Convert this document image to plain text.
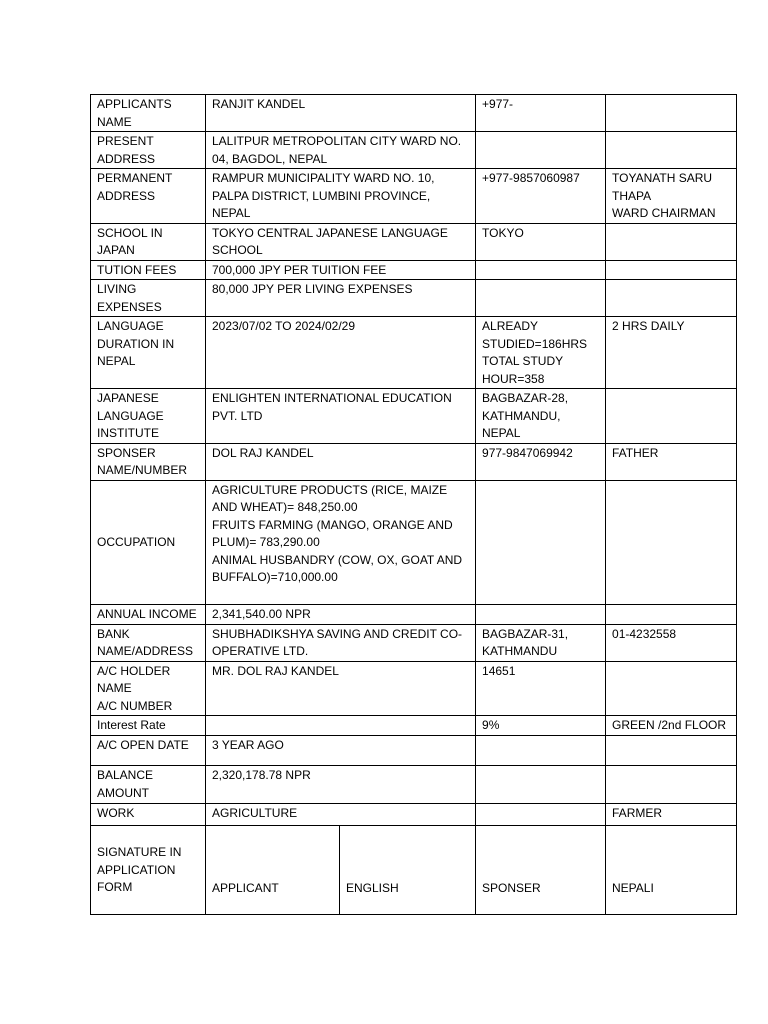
APPLICANTS NAME	RANJIT KANDEL		+977-	
PRESENT ADDRESS	LALITPUR METROPOLITAN CITY WARD NO. 04, BAGDOL, NEPAL			
PERMANENT ADDRESS	RAMPUR MUNICIPALITY WARD NO. 10, PALPA DISTRICT, LUMBINI PROVINCE, NEPAL		+977-9857060987	TOYANATH SARU THAPA
WARD CHAIRMAN
SCHOOL IN JAPAN	TOKYO CENTRAL JAPANESE LANGUAGE SCHOOL		TOKYO	
TUTION FEES	700,000 JPY PER TUITION FEE			
LIVING EXPENSES	80,000 JPY PER LIVING EXPENSES			
LANGUAGE DURATION IN NEPAL	2023/07/02 TO 2024/02/29		ALREADY STUDIED=186HRS TOTAL STUDY HOUR=358	2 HRS DAILY
JAPANESE LANGUAGE INSTITUTE	ENLIGHTEN INTERNATIONAL EDUCATION PVT. LTD		BAGBAZAR-28, KATHMANDU, NEPAL	
SPONSER NAME/NUMBER	DOL RAJ KANDEL		977-9847069942	FATHER
OCCUPATION	AGRICULTURE PRODUCTS (RICE, MAIZE AND WHEAT)= 848,250.00
FRUITS FARMING (MANGO, ORANGE AND PLUM)= 783,290.00
ANIMAL HUSBANDRY (COW, OX, GOAT AND BUFFALO)=710,000.00			
ANNUAL INCOME	2,341,540.00 NPR			
BANK NAME/ADDRESS	SHUBHADIKSHYA SAVING AND CREDIT CO-OPERATIVE LTD.		BAGBAZAR-31, KATHMANDU	01-4232558
A/C HOLDER NAME
A/C NUMBER	MR. DOL RAJ KANDEL		14651	
Interest Rate			9%	GREEN /2nd FLOOR
A/C OPEN DATE	3 YEAR AGO			
BALANCE AMOUNT	2,320,178.78 NPR			
WORK	AGRICULTURE			FARMER
SIGNATURE IN APPLICATION FORM	APPLICANT	ENGLISH	SPONSER	NEPALI
